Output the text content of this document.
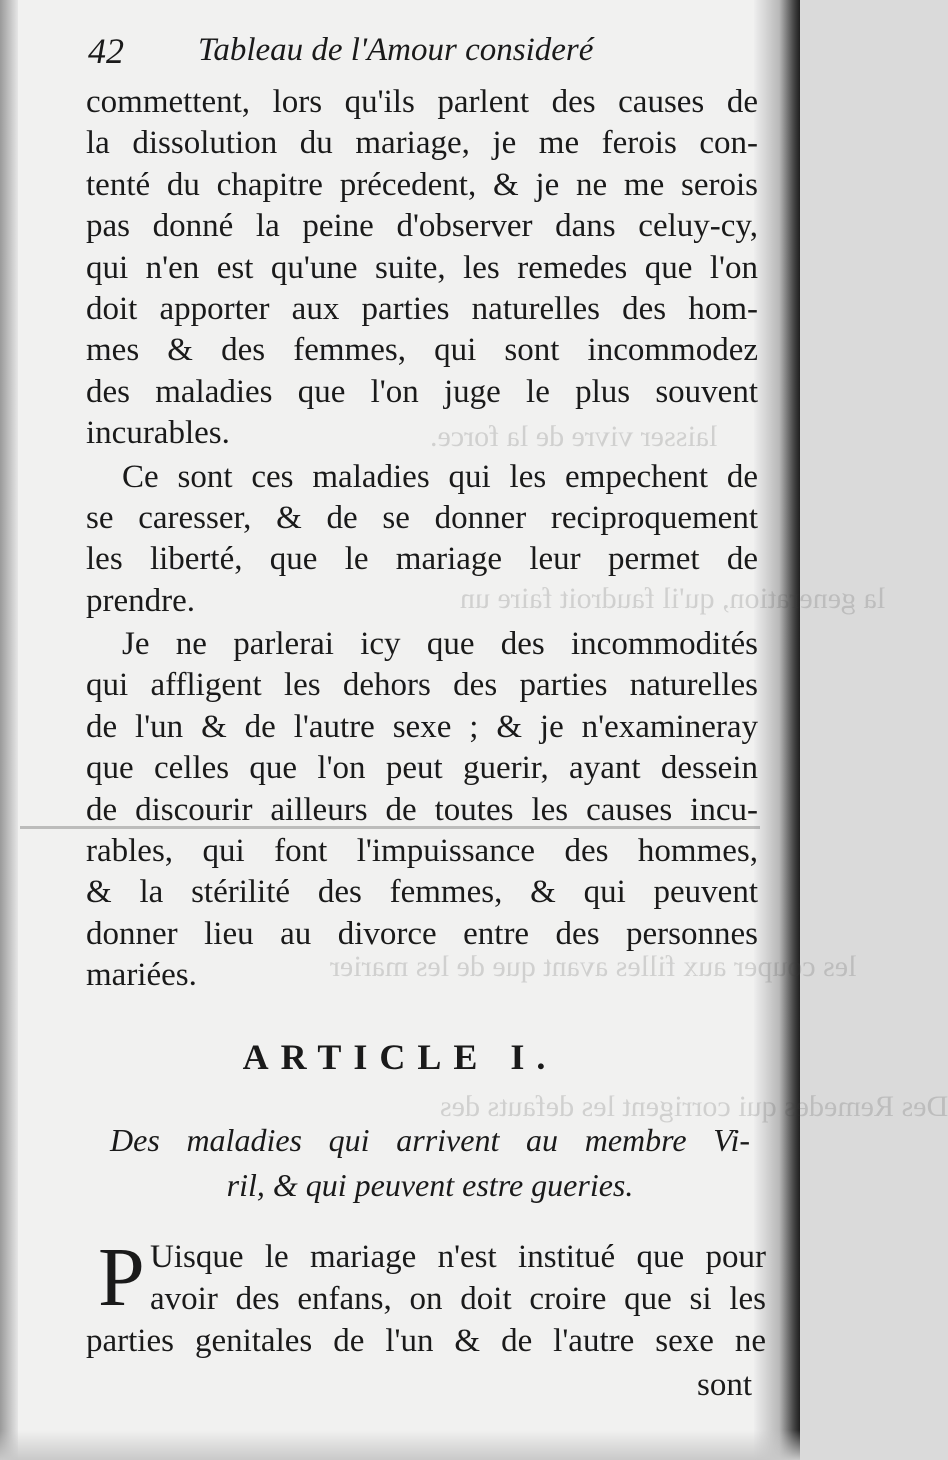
laisser vivre de la force.
la generation, qu'il faudroit faire un
les couper aux filles avant que de les marier
Des Remedes qui corrigent les defauts des
42 Tableau de l'Amour consideré
commettent, lors qu'ils parlent des causes de
la dissolution du mariage, je me ferois con-
tenté du chapitre précedent, & je ne me serois
pas donné la peine d'observer dans celuy-cy,
qui n'en est qu'une suite, les remedes que l'on
doit apporter aux parties naturelles des hom-
mes & des femmes, qui sont incommodez
des maladies que l'on juge le plus souvent
incurables.
Ce sont ces maladies qui les empechent de
se caresser, & de se donner reciproquement
les liberté, que le mariage leur permet de
prendre.
Je ne parlerai icy que des incommodités
qui affligent les dehors des parties naturelles
de l'un & de l'autre sexe ; & je n'examineray
que celles que l'on peut guerir, ayant dessein
de discourir ailleurs de toutes les causes incu-
rables, qui font l'impuissance des hommes,
& la stérilité des femmes, & qui peuvent
donner lieu au divorce entre des personnes
mariées.
ARTICLE I.
Des maladies qui arrivent au membre Vi-
ril, & qui peuvent estre gueries.
P Uisque le mariage n'est institué que pour
avoir des enfans, on doit croire que si les
parties genitales de l'un & de l'autre sexe ne
sont
